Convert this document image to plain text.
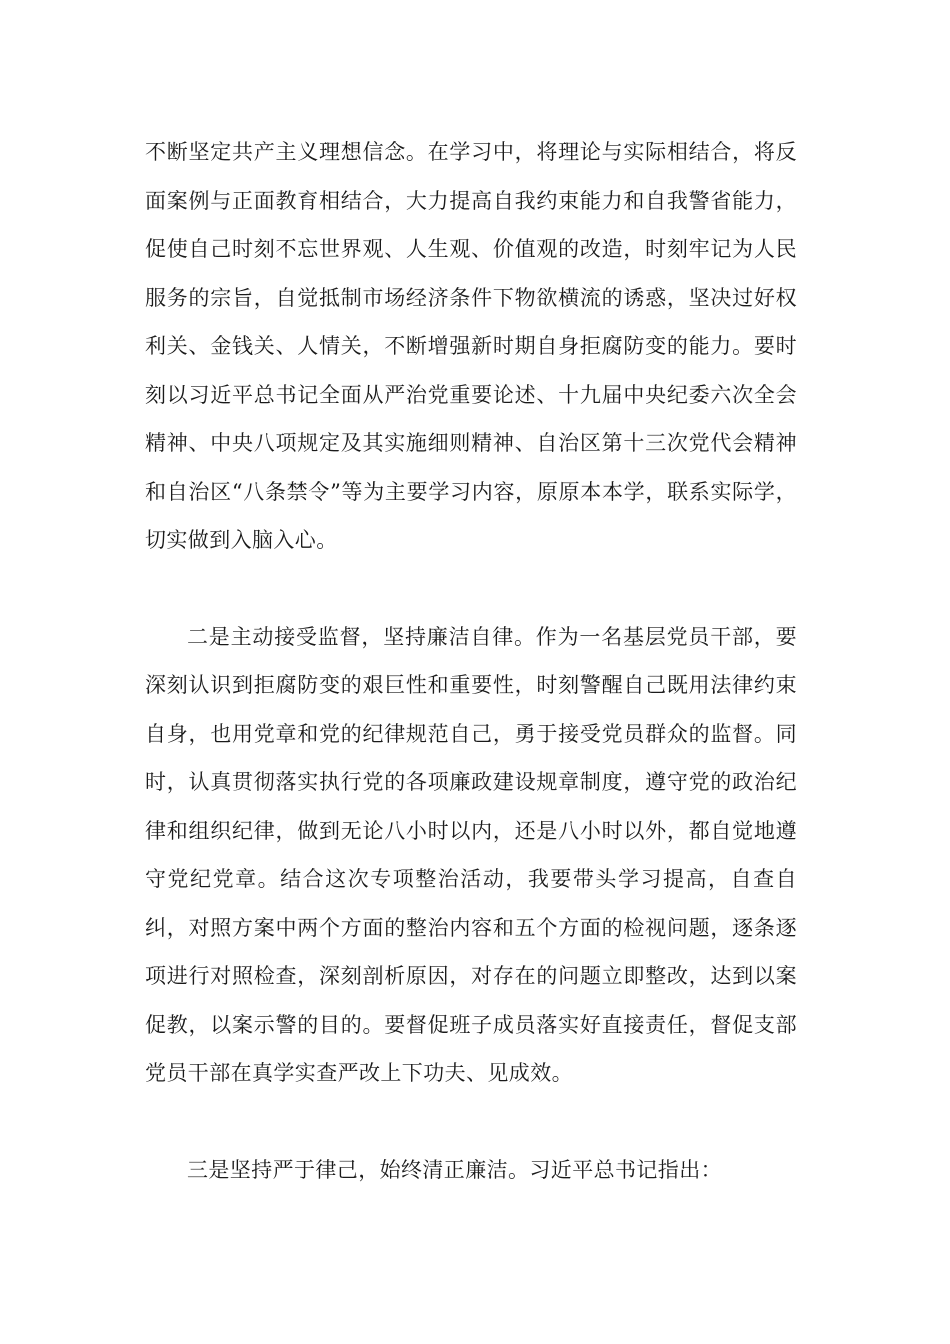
不断坚定共产主义理想信念。在学习中，将理论与实际相结合，将反面案例与正面教育相结合，大力提高自我约束能力和自我警省能力，促使自己时刻不忘世界观、人生观、价值观的改造，时刻牢记为人民服务的宗旨，自觉抵制市场经济条件下物欲横流的诱惑，坚决过好权利关、金钱关、人情关，不断增强新时期自身拒腐防变的能力。要时刻以习近平总书记全面从严治党重要论述、十九届中央纪委六次全会精神、中央八项规定及其实施细则精神、自治区第十三次党代会精神和自治区“八条禁令”等为主要学习内容，原原本本学，联系实际学，切实做到入脑入心。

二是主动接受监督，坚持廉洁自律。作为一名基层党员干部，要深刻认识到拒腐防变的艰巨性和重要性，时刻警醒自己既用法律约束自身，也用党章和党的纪律规范自己，勇于接受党员群众的监督。同时，认真贯彻落实执行党的各项廉政建设规章制度，遵守党的政治纪律和组织纪律，做到无论八小时以内，还是八小时以外，都自觉地遵守党纪党章。结合这次专项整治活动，我要带头学习提高，自查自纠，对照方案中两个方面的整治内容和五个方面的检视问题，逐条逐项进行对照检查，深刻剖析原因，对存在的问题立即整改，达到以案促教，以案示警的目的。要督促班子成员落实好直接责任，督促支部党员干部在真学实查严改上下功夫、见成效。

三是坚持严于律己，始终清正廉洁。习近平总书记指出：
